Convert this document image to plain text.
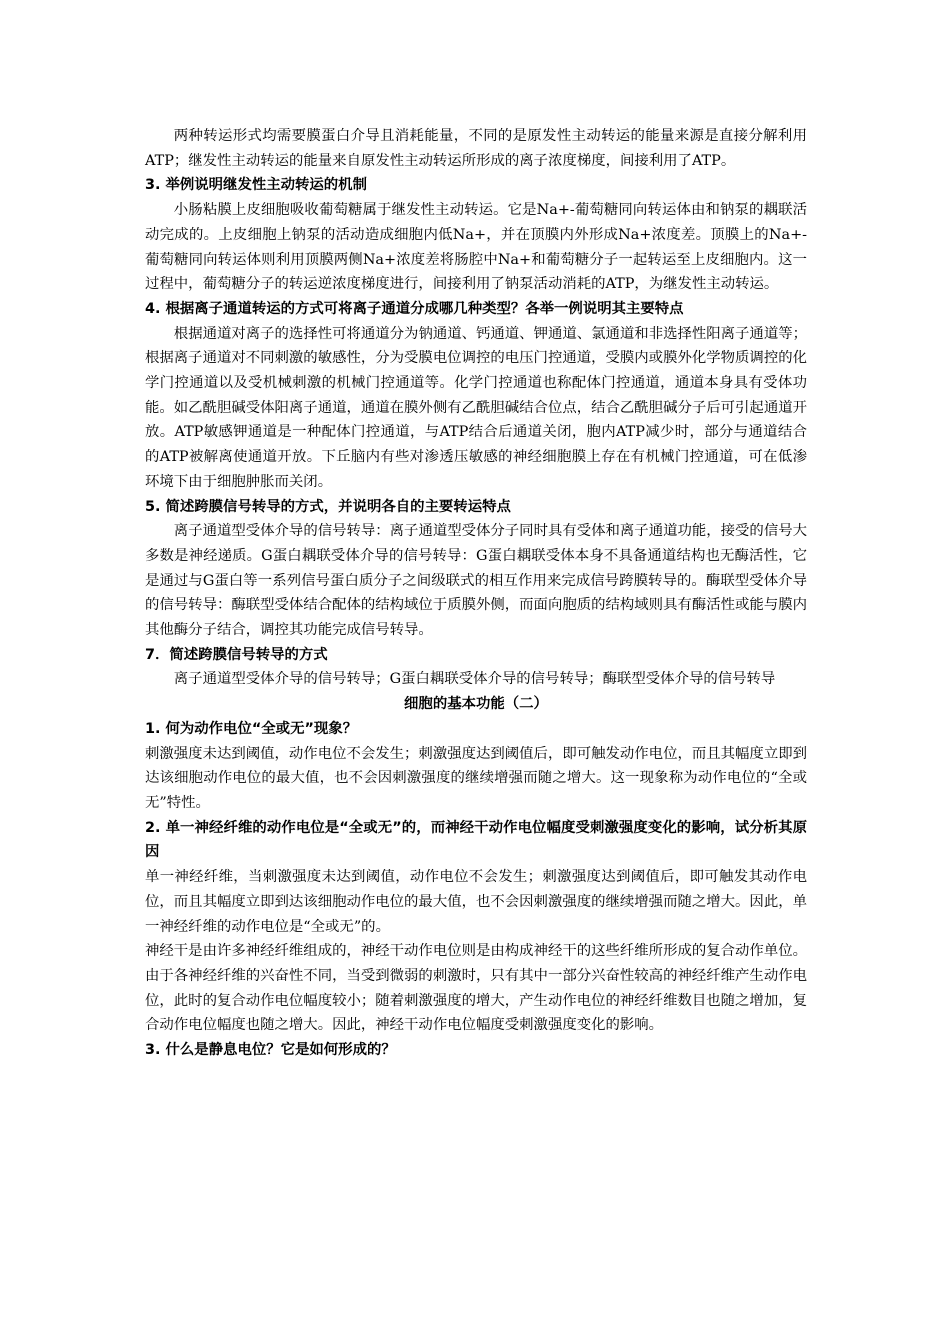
两种转运形式均需要膜蛋白介导且消耗能量，不同的是原发性主动转运的能量来源是直接分解利用ATP；继发性主动转运的能量来自原发性主动转运所形成的离子浓度梯度，间接利用了ATP。

3. 举例说明继发性主动转运的机制

小肠粘膜上皮细胞吸收葡萄糖属于继发性主动转运。它是Na+-葡萄糖同向转运体由和钠泵的耦联活动完成的。上皮细胞上钠泵的活动造成细胞内低Na+，并在顶膜内外形成Na+浓度差。顶膜上的Na+-葡萄糖同向转运体则利用顶膜两侧Na+浓度差将肠腔中Na+和葡萄糖分子一起转运至上皮细胞内。这一过程中，葡萄糖分子的转运逆浓度梯度进行，间接利用了钠泵活动消耗的ATP，为继发性主动转运。

4. 根据离子通道转运的方式可将离子通道分成哪几种类型？各举一例说明其主要特点

根据通道对离子的选择性可将通道分为钠通道、钙通道、钾通道、氯通道和非选择性阳离子通道等；根据离子通道对不同刺激的敏感性，分为受膜电位调控的电压门控通道，受膜内或膜外化学物质调控的化学门控通道以及受机械刺激的机械门控通道等。化学门控通道也称配体门控通道，通道本身具有受体功能。如乙酰胆碱受体阳离子通道，通道在膜外侧有乙酰胆碱结合位点，结合乙酰胆碱分子后可引起通道开放。ATP敏感钾通道是一种配体门控通道，与ATP结合后通道关闭，胞内ATP减少时，部分与通道结合的ATP被解离使通道开放。下丘脑内有些对渗透压敏感的神经细胞膜上存在有机械门控通道，可在低渗环境下由于细胞肿胀而关闭。

5. 简述跨膜信号转导的方式，并说明各自的主要转运特点

离子通道型受体介导的信号转导：离子通道型受体分子同时具有受体和离子通道功能，接受的信号大多数是神经递质。G蛋白耦联受体介导的信号转导：G蛋白耦联受体本身不具备通道结构也无酶活性，它是通过与G蛋白等一系列信号蛋白质分子之间级联式的相互作用来完成信号跨膜转导的。酶联型受体介导的信号转导：酶联型受体结合配体的结构域位于质膜外侧，而面向胞质的结构域则具有酶活性或能与膜内其他酶分子结合，调控其功能完成信号转导。

7．简述跨膜信号转导的方式

离子通道型受体介导的信号转导；G蛋白耦联受体介导的信号转导；酶联型受体介导的信号转导

细胞的基本功能（二）

1. 何为动作电位“全或无”现象？

刺激强度未达到阈值，动作电位不会发生；刺激强度达到阈值后，即可触发动作电位，而且其幅度立即到达该细胞动作电位的最大值，也不会因刺激强度的继续增强而随之增大。这一现象称为动作电位的“全或无”特性。

2. 单一神经纤维的动作电位是“全或无”的，而神经干动作电位幅度受刺激强度变化的影响，试分析其原因

单一神经纤维，当刺激强度未达到阈值，动作电位不会发生；刺激强度达到阈值后，即可触发其动作电位，而且其幅度立即到达该细胞动作电位的最大值，也不会因刺激强度的继续增强而随之增大。因此，单一神经纤维的动作电位是“全或无”的。

神经干是由许多神经纤维组成的，神经干动作电位则是由构成神经干的这些纤维所形成的复合动作单位。由于各神经纤维的兴奋性不同，当受到微弱的刺激时，只有其中一部分兴奋性较高的神经纤维产生动作电位，此时的复合动作电位幅度较小；随着刺激强度的增大，产生动作电位的神经纤维数目也随之增加，复合动作电位幅度也随之增大。因此，神经干动作电位幅度受刺激强度变化的影响。

3. 什么是静息电位？它是如何形成的？
